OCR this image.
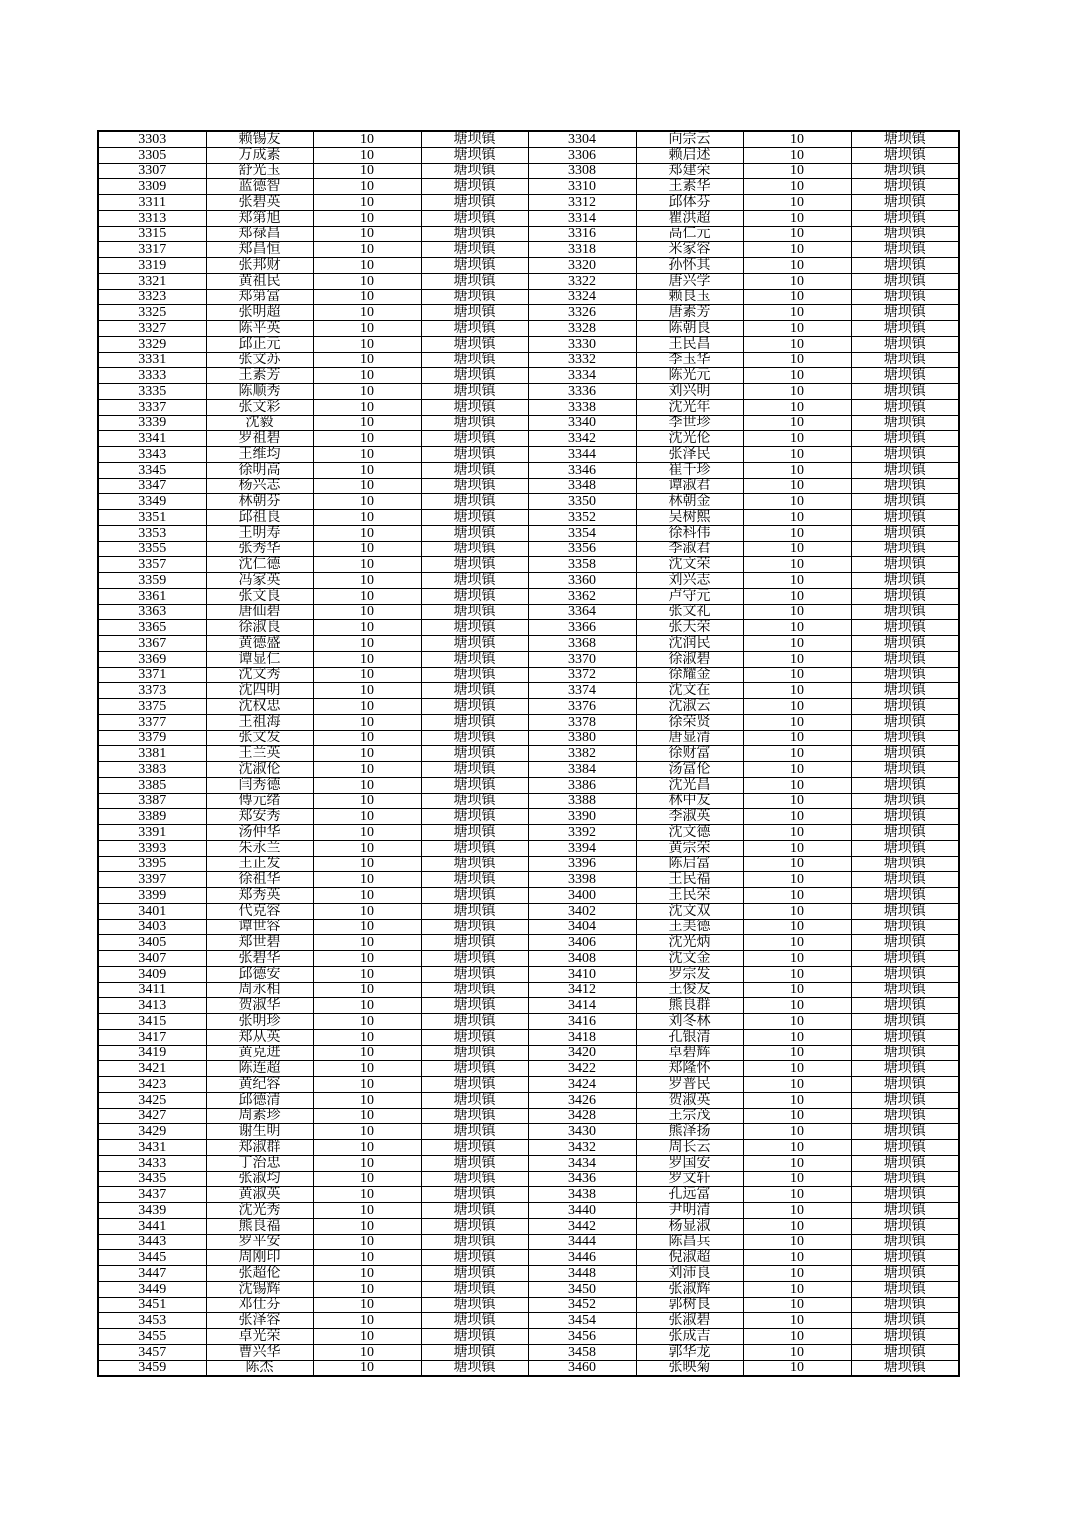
3303	赖锡友	10	塘坝镇	3304	向宗云	10	塘坝镇
3305	万成素	10	塘坝镇	3306	赖启述	10	塘坝镇
3307	舒光玉	10	塘坝镇	3308	郑建荣	10	塘坝镇
3309	蓝德智	10	塘坝镇	3310	王素华	10	塘坝镇
3311	张碧英	10	塘坝镇	3312	邱体芬	10	塘坝镇
3313	郑第旭	10	塘坝镇	3314	瞿洪超	10	塘坝镇
3315	郑禄昌	10	塘坝镇	3316	高仁元	10	塘坝镇
3317	郑昌恒	10	塘坝镇	3318	米家容	10	塘坝镇
3319	张邦财	10	塘坝镇	3320	孙怀其	10	塘坝镇
3321	黄祖民	10	塘坝镇	3322	唐兴学	10	塘坝镇
3323	郑第富	10	塘坝镇	3324	赖良玉	10	塘坝镇
3325	张明超	10	塘坝镇	3326	唐素芳	10	塘坝镇
3327	陈平英	10	塘坝镇	3328	陈朝良	10	塘坝镇
3329	邱正元	10	塘坝镇	3330	王民昌	10	塘坝镇
3331	张文苏	10	塘坝镇	3332	李玉华	10	塘坝镇
3333	王素芳	10	塘坝镇	3334	陈光元	10	塘坝镇
3335	陈顺秀	10	塘坝镇	3336	刘兴明	10	塘坝镇
3337	张文彩	10	塘坝镇	3338	沈光年	10	塘坝镇
3339	沈毅	10	塘坝镇	3340	李世珍	10	塘坝镇
3341	罗祖碧	10	塘坝镇	3342	沈光伦	10	塘坝镇
3343	王维均	10	塘坝镇	3344	张泽民	10	塘坝镇
3345	徐明高	10	塘坝镇	3346	崔千珍	10	塘坝镇
3347	杨兴志	10	塘坝镇	3348	谭淑君	10	塘坝镇
3349	林朝芬	10	塘坝镇	3350	林朝金	10	塘坝镇
3351	邱祖良	10	塘坝镇	3352	吴树熙	10	塘坝镇
3353	王明寿	10	塘坝镇	3354	徐科伟	10	塘坝镇
3355	张秀华	10	塘坝镇	3356	李淑君	10	塘坝镇
3357	沈仁德	10	塘坝镇	3358	沈文荣	10	塘坝镇
3359	冯家英	10	塘坝镇	3360	刘兴志	10	塘坝镇
3361	张文良	10	塘坝镇	3362	卢守元	10	塘坝镇
3363	唐仙碧	10	塘坝镇	3364	张文礼	10	塘坝镇
3365	徐淑良	10	塘坝镇	3366	张天荣	10	塘坝镇
3367	黄德盛	10	塘坝镇	3368	沈润民	10	塘坝镇
3369	谭显仁	10	塘坝镇	3370	徐淑碧	10	塘坝镇
3371	沈文秀	10	塘坝镇	3372	徐耀金	10	塘坝镇
3373	沈四明	10	塘坝镇	3374	沈文在	10	塘坝镇
3375	沈权忠	10	塘坝镇	3376	沈淑云	10	塘坝镇
3377	王祖海	10	塘坝镇	3378	徐荣贤	10	塘坝镇
3379	张文发	10	塘坝镇	3380	唐显清	10	塘坝镇
3381	王兰英	10	塘坝镇	3382	徐财富	10	塘坝镇
3383	沈淑伦	10	塘坝镇	3384	汤富伦	10	塘坝镇
3385	闫秀德	10	塘坝镇	3386	沈光昌	10	塘坝镇
3387	傅元绪	10	塘坝镇	3388	林中友	10	塘坝镇
3389	郑安秀	10	塘坝镇	3390	李淑英	10	塘坝镇
3391	汤仲华	10	塘坝镇	3392	沈文德	10	塘坝镇
3393	朱永兰	10	塘坝镇	3394	黄宗荣	10	塘坝镇
3395	王正发	10	塘坝镇	3396	陈启富	10	塘坝镇
3397	徐祖华	10	塘坝镇	3398	王民福	10	塘坝镇
3399	郑秀英	10	塘坝镇	3400	王民荣	10	塘坝镇
3401	代克容	10	塘坝镇	3402	沈文双	10	塘坝镇
3403	谭世容	10	塘坝镇	3404	王美德	10	塘坝镇
3405	郑世碧	10	塘坝镇	3406	沈光炳	10	塘坝镇
3407	张碧华	10	塘坝镇	3408	沈文金	10	塘坝镇
3409	邱德安	10	塘坝镇	3410	罗宗发	10	塘坝镇
3411	周永相	10	塘坝镇	3412	王俊友	10	塘坝镇
3413	贺淑华	10	塘坝镇	3414	熊良群	10	塘坝镇
3415	张明珍	10	塘坝镇	3416	刘冬林	10	塘坝镇
3417	郑从英	10	塘坝镇	3418	孔银清	10	塘坝镇
3419	黄克进	10	塘坝镇	3420	卓碧辉	10	塘坝镇
3421	陈连超	10	塘坝镇	3422	郑隆怀	10	塘坝镇
3423	黄纪容	10	塘坝镇	3424	罗普民	10	塘坝镇
3425	邱德清	10	塘坝镇	3426	贺淑英	10	塘坝镇
3427	周素珍	10	塘坝镇	3428	王宗茂	10	塘坝镇
3429	谢生明	10	塘坝镇	3430	熊泽扬	10	塘坝镇
3431	郑淑群	10	塘坝镇	3432	周长云	10	塘坝镇
3433	丁治忠	10	塘坝镇	3434	罗国安	10	塘坝镇
3435	张淑均	10	塘坝镇	3436	罗文轩	10	塘坝镇
3437	黄淑英	10	塘坝镇	3438	孔远富	10	塘坝镇
3439	沈光秀	10	塘坝镇	3440	尹明清	10	塘坝镇
3441	熊良福	10	塘坝镇	3442	杨显淑	10	塘坝镇
3443	罗平安	10	塘坝镇	3444	陈昌兵	10	塘坝镇
3445	周刚印	10	塘坝镇	3446	倪淑超	10	塘坝镇
3447	张超伦	10	塘坝镇	3448	刘沛良	10	塘坝镇
3449	沈锡辉	10	塘坝镇	3450	张淑辉	10	塘坝镇
3451	邓仕芬	10	塘坝镇	3452	郭树良	10	塘坝镇
3453	张泽容	10	塘坝镇	3454	张淑碧	10	塘坝镇
3455	卓光荣	10	塘坝镇	3456	张成吉	10	塘坝镇
3457	曹兴华	10	塘坝镇	3458	郭华龙	10	塘坝镇
3459	陈杰	10	塘坝镇	3460	张映菊	10	塘坝镇
